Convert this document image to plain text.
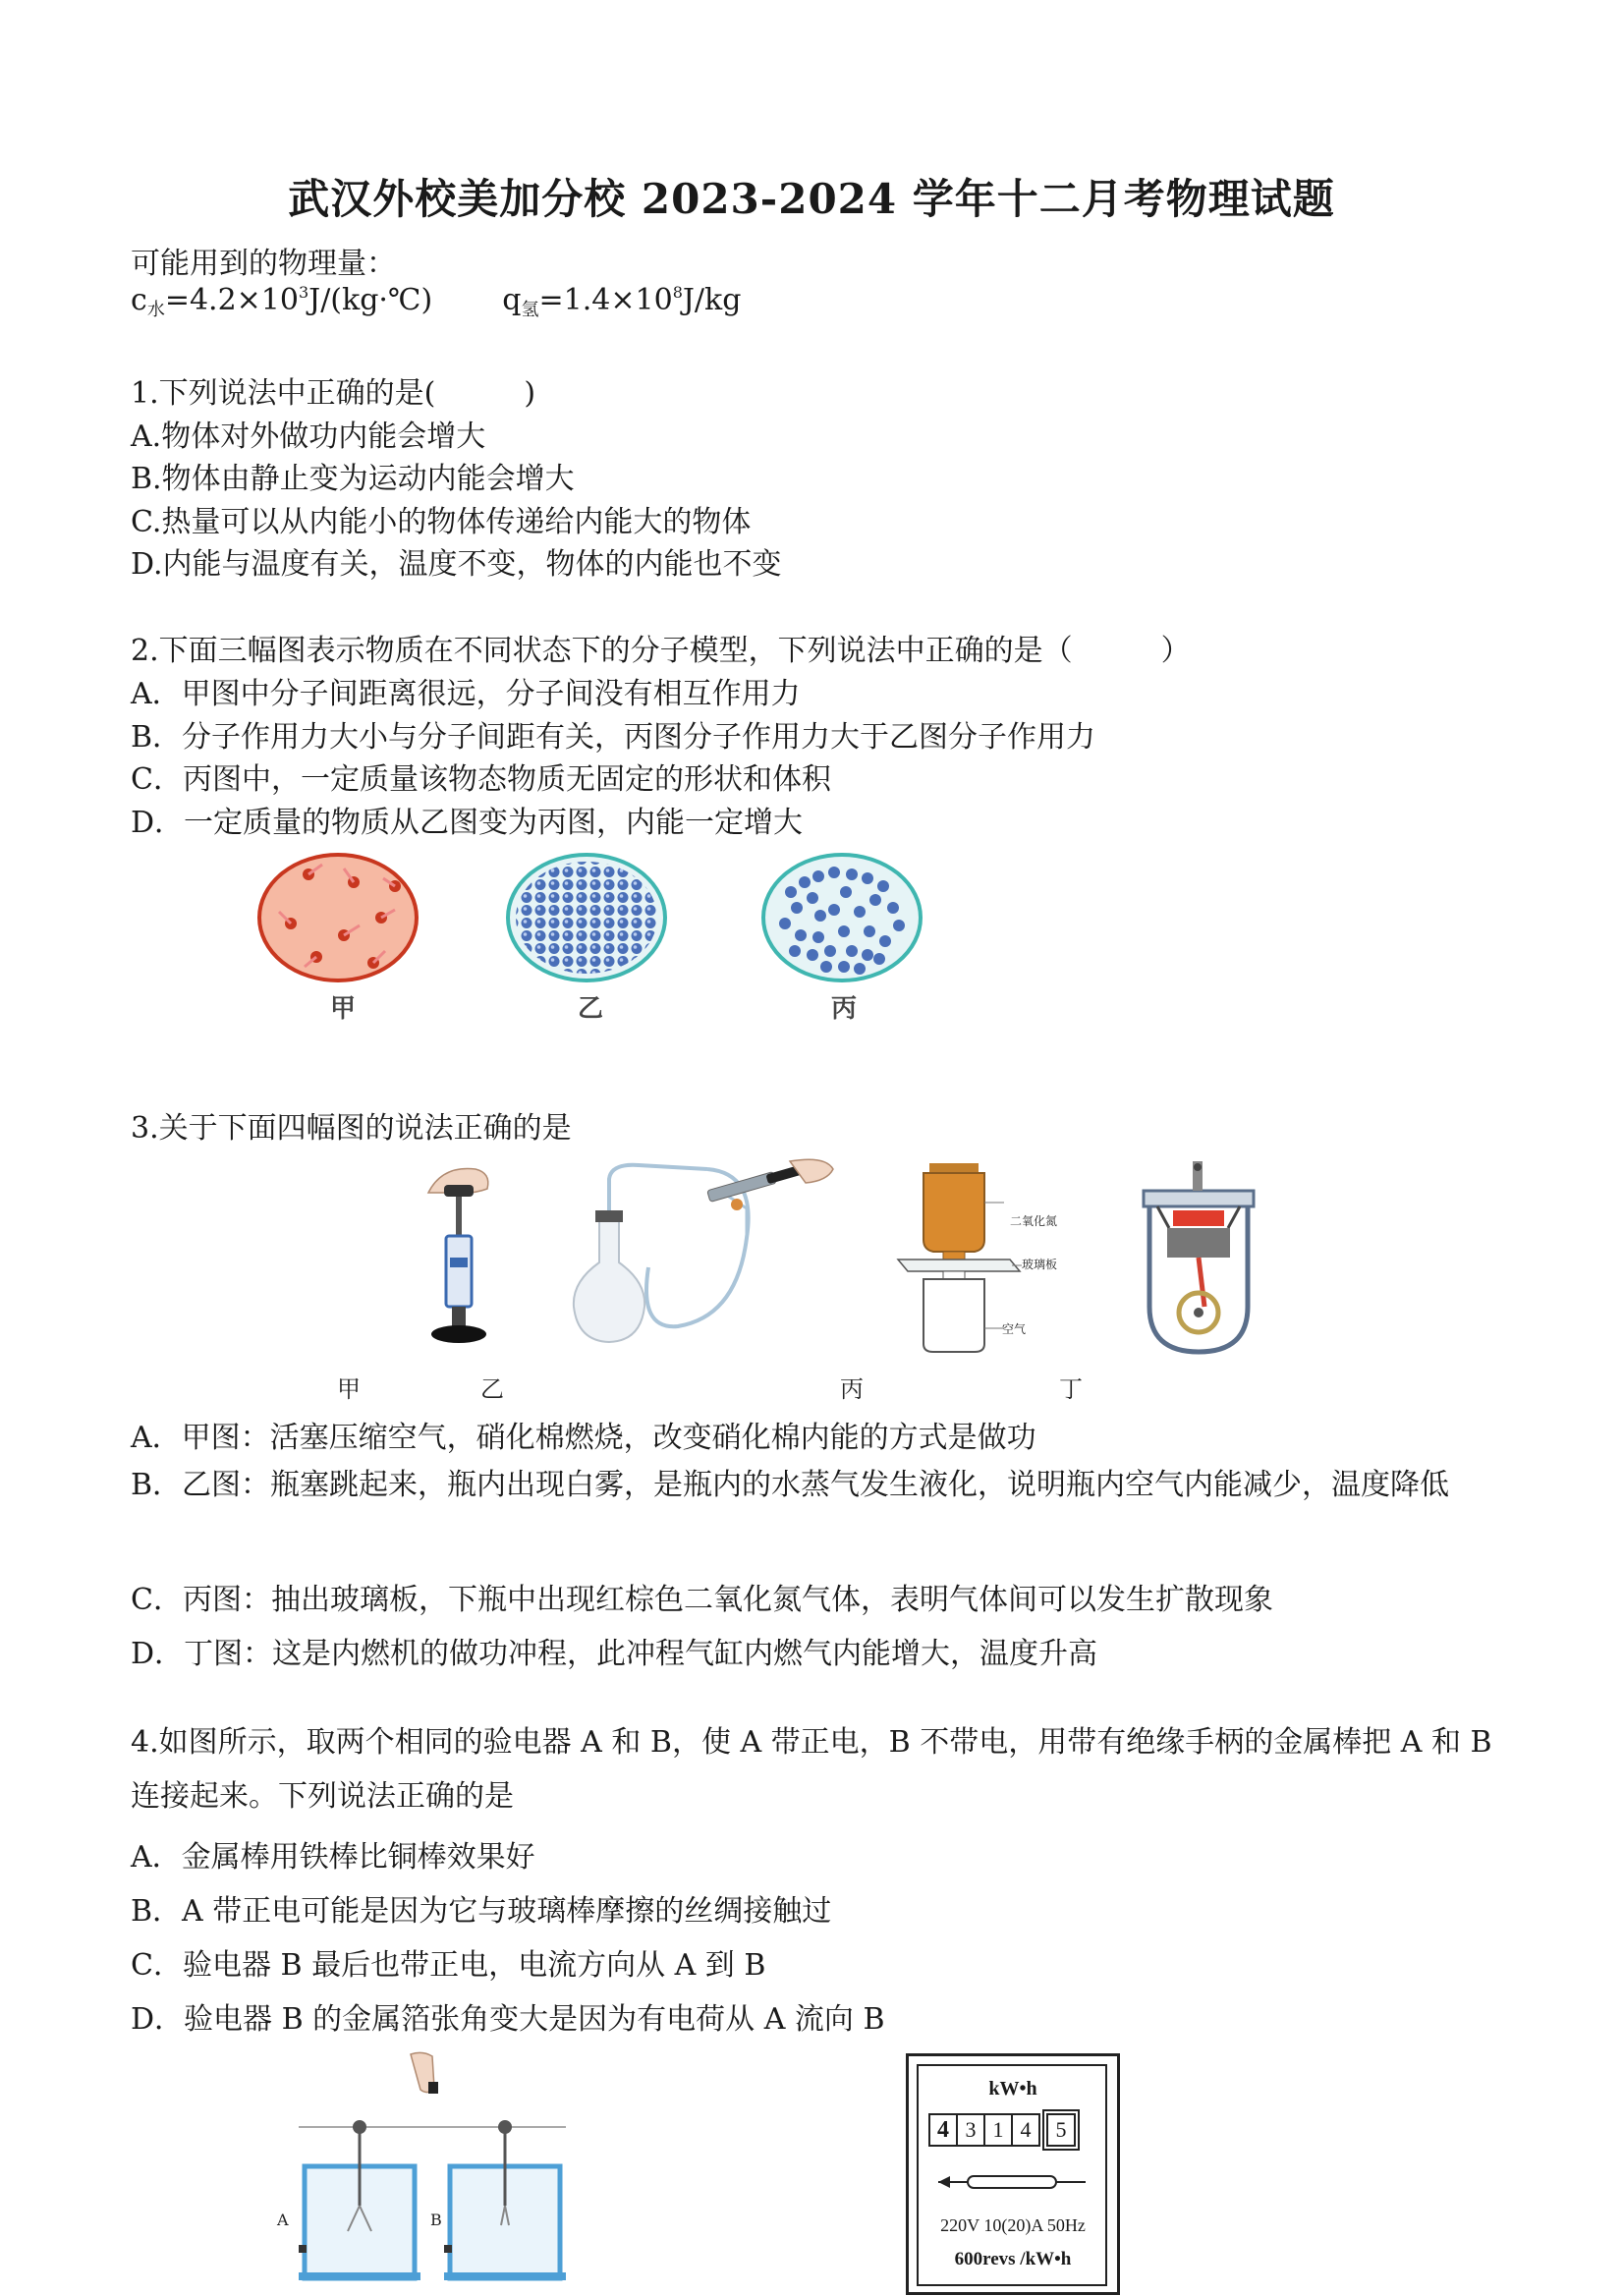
武汉外校美加分校 2023-2024 学年十二月考物理试题
可能用到的物理量：
$c_水=4.2\times 10^3J/(kg\cdot℃)$ $q_氢=1.4\times 10^8J/kg$
1.下列说法中正确的是(　　　)
A.物体对外做功内能会增大
B.物体由静止变为运动内能会增大
C.热量可以从内能小的物体传递给内能大的物体
D.内能与温度有关，温度不变，物体的内能也不变
2.下面三幅图表示物质在不同状态下的分子模型，下列说法中正确的是（　　　）
A．甲图中分子间距离很远，分子间没有相互作用力
B．分子作用力大小与分子间距有关，丙图分子作用力大于乙图分子作用力
C．丙图中，一定质量该物态物质无固定的形状和体积
D．一定质量的物质从乙图变为丙图，内能一定增大
甲	乙	丙
3.关于下面四幅图的说法正确的是
二氧化氮
玻璃板
空气
甲	乙	丙	丁
A．甲图：活塞压缩空气，硝化棉燃烧，改变硝化棉内能的方式是做功
B．乙图：瓶塞跳起来，瓶内出现白雾，是瓶内的水蒸气发生液化，说明瓶内空气内能减少，温度降低
C．丙图：抽出玻璃板，下瓶中出现红棕色二氧化氮气体，表明气体间可以发生扩散现象
D．丁图：这是内燃机的做功冲程，此冲程气缸内燃气内能增大，温度升高
4.如图所示，取两个相同的验电器 A 和 B，使 A 带正电，B 不带电，用带有绝缘手柄的金属棒把 A 和 B 连接起来。下列说法正确的是
A．金属棒用铁棒比铜棒效果好
B．A 带正电可能是因为它与玻璃棒摩擦的丝绸接触过
C．验电器 B 最后也带正电，电流方向从 A 到 B
D．验电器 B 的金属箔张角变大是因为有电荷从 A 流向 B
A	B
kW•h
4 3 1 4	5
220V 10(20)A 50Hz
600revs /kW•h
